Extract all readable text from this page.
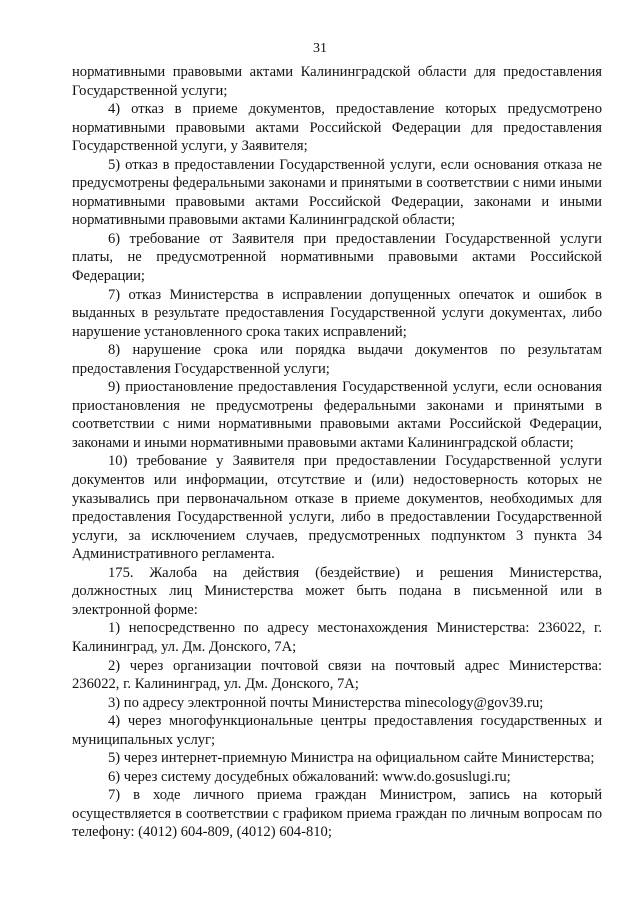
31

нормативными правовыми актами Калининградской области для предоставления Государственной услуги;

4) отказ в приеме документов, предоставление которых предусмотрено нормативными правовыми актами Российской Федерации для предоставления Государственной услуги, у Заявителя;

5) отказ в предоставлении Государственной услуги, если основания отказа не предусмотрены федеральными законами и принятыми в соответствии с ними иными нормативными правовыми актами Российской Федерации, законами и иными нормативными правовыми актами Калининградской области;

6) требование от Заявителя при предоставлении Государственной услуги платы, не предусмотренной нормативными правовыми актами Российской Федерации;

7) отказ Министерства в исправлении допущенных опечаток и ошибок в выданных в результате предоставления Государственной услуги документах, либо нарушение установленного срока таких исправлений;

8) нарушение срока или порядка выдачи документов по результатам предоставления Государственной услуги;

9) приостановление предоставления Государственной услуги, если основания приостановления не предусмотрены федеральными законами и принятыми в соответствии с ними нормативными правовыми актами Российской Федерации, законами и иными нормативными правовыми актами Калининградской области;

10) требование у Заявителя при предоставлении Государственной услуги документов или информации, отсутствие и (или) недостоверность которых не указывались при первоначальном отказе в приеме документов, необходимых для предоставления Государственной услуги, либо в предоставлении Государственной услуги, за исключением случаев, предусмотренных подпунктом 3 пункта 34 Административного регламента.

175. Жалоба на действия (бездействие) и решения Министерства, должностных лиц Министерства может быть подана в письменной или в электронной форме:

1) непосредственно по адресу местонахождения Министерства: 236022, г. Калининград, ул. Дм. Донского, 7А;

2) через организации почтовой связи на почтовый адрес Министерства: 236022, г. Калининград, ул. Дм. Донского, 7А;

3) по адресу электронной почты Министерства minecology@gov39.ru;

4) через многофункциональные центры предоставления государственных и муниципальных услуг;

5) через интернет-приемную Министра на официальном сайте Министерства;

6) через систему досудебных обжалований: www.do.gosuslugi.ru;

7) в ходе личного приема граждан Министром, запись на который осуществляется в соответствии с графиком приема граждан по личным вопросам по телефону: (4012) 604-809, (4012) 604-810;
